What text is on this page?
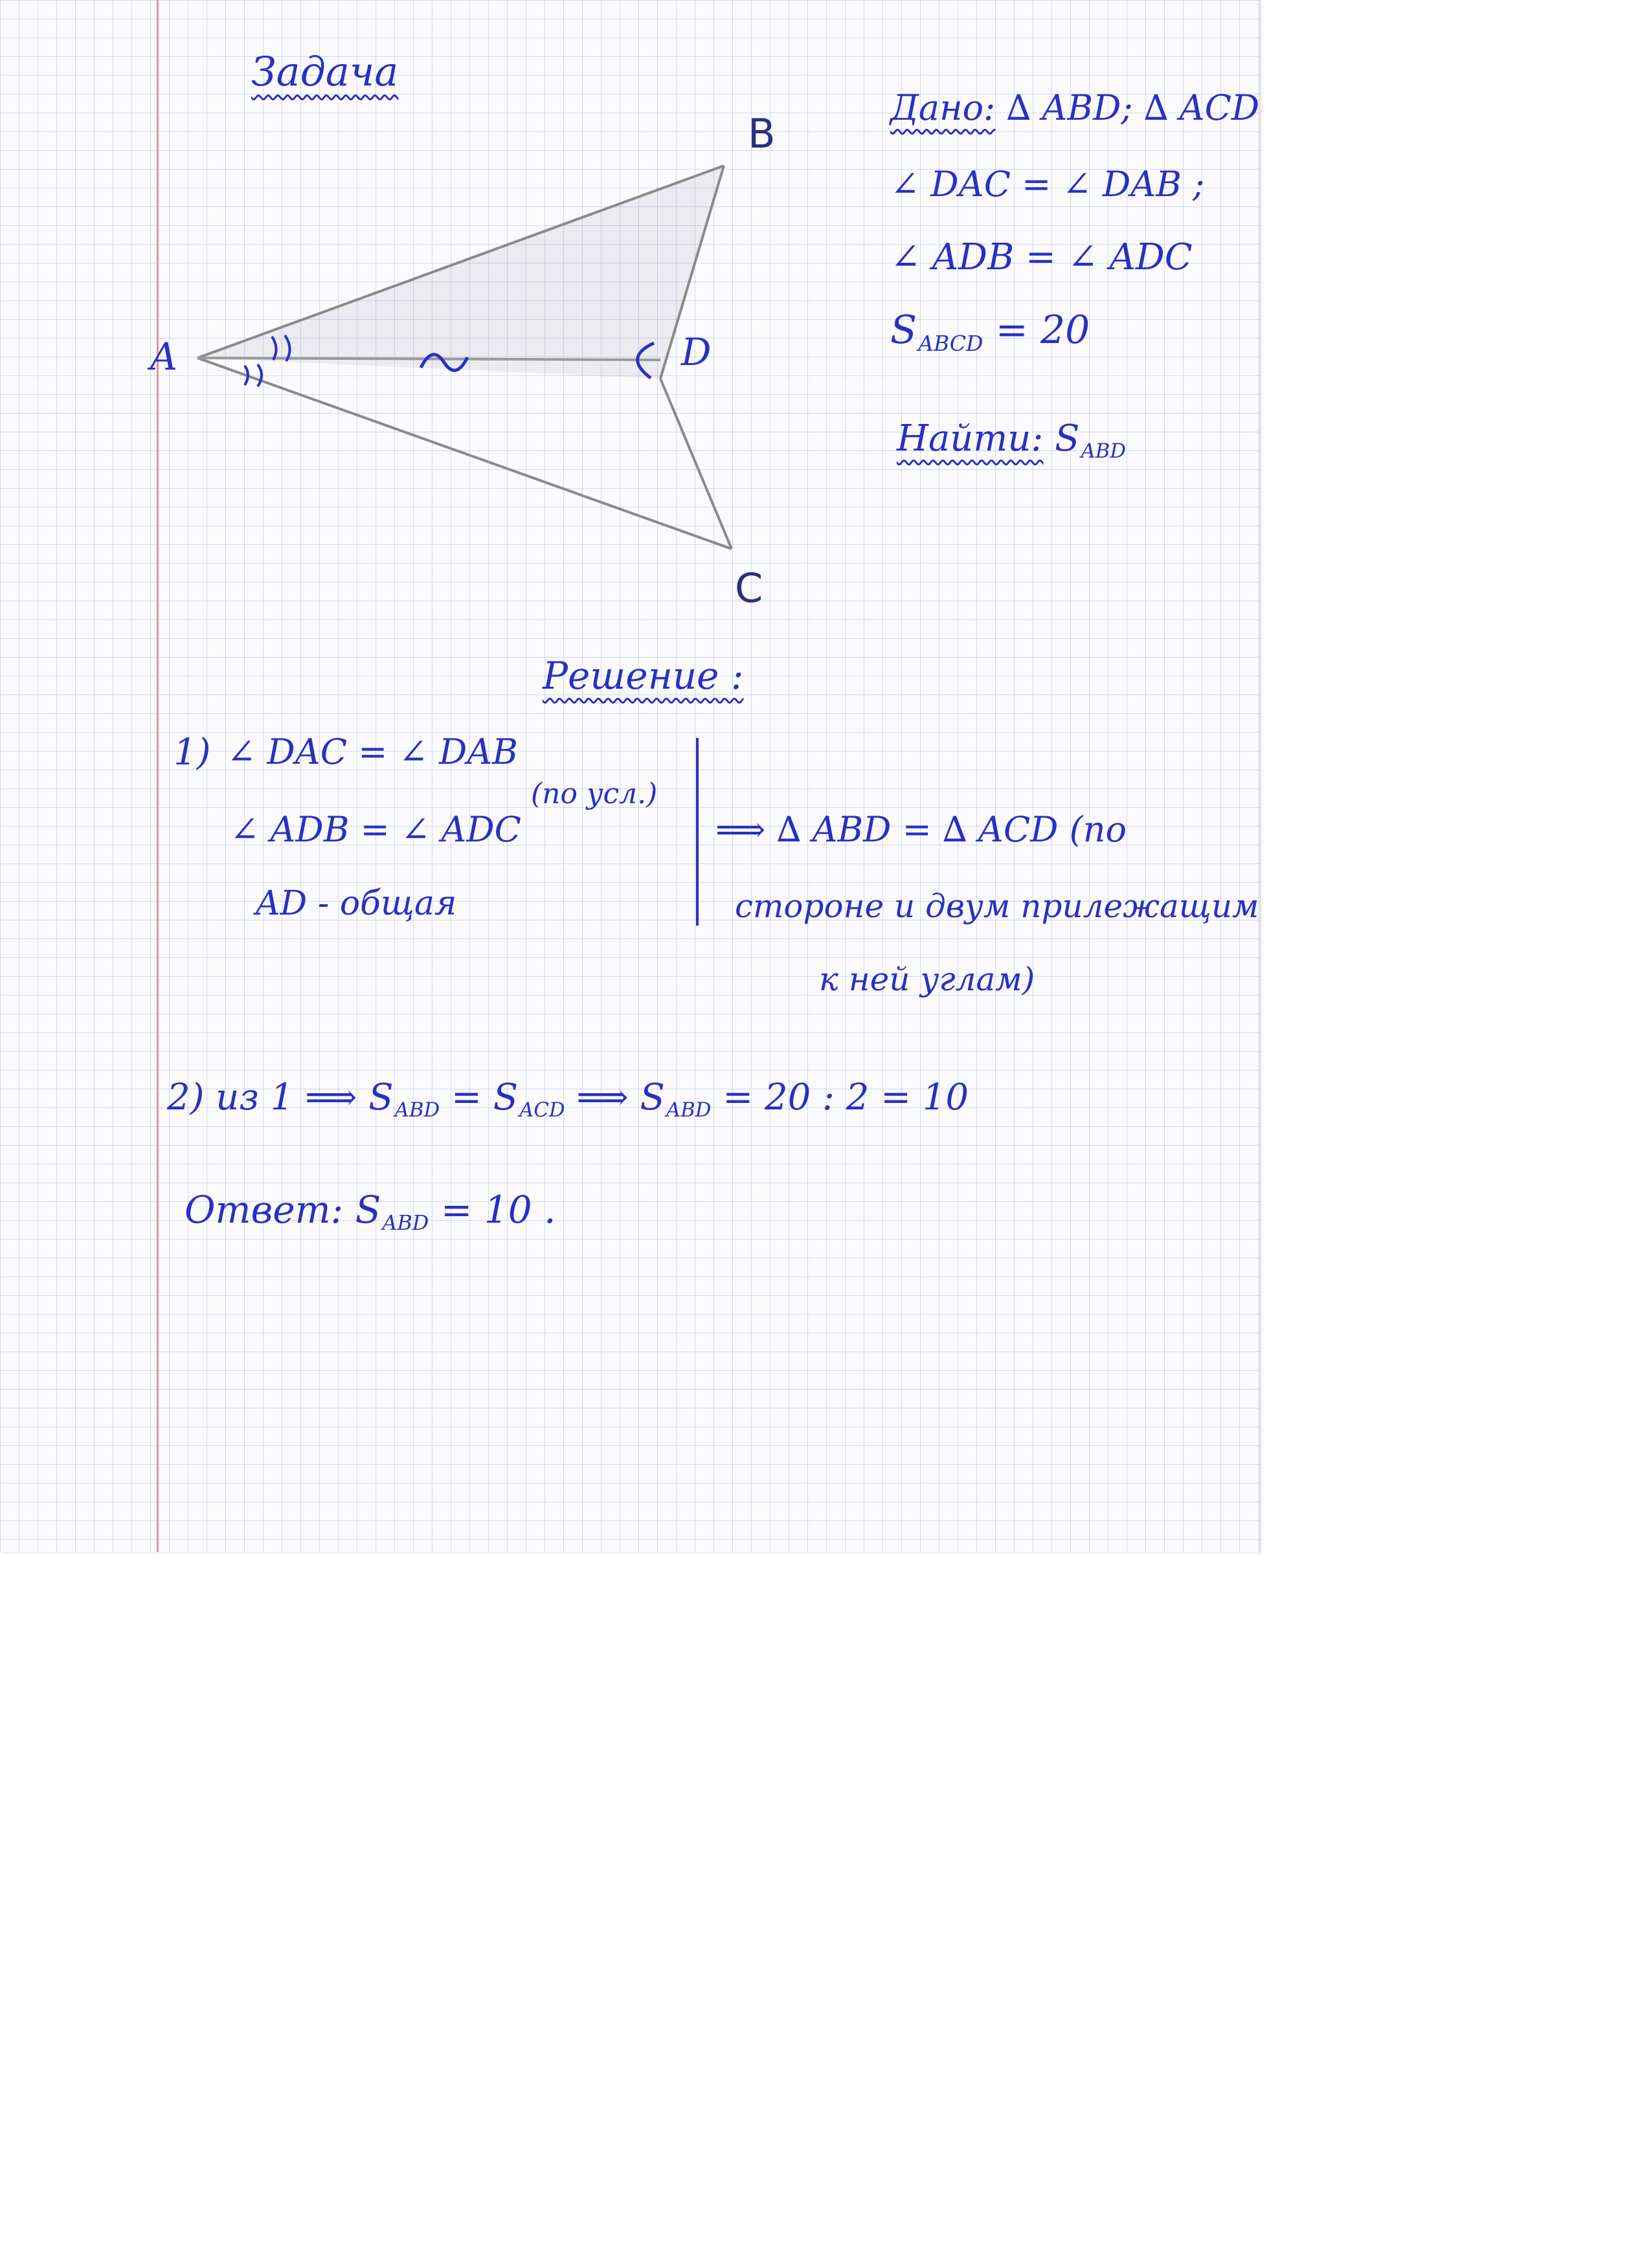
Задача
A
B
C
D
Дано: ∆ ABD; ∆ ACD
∠ DAC = ∠ DAB ;
∠ ADB = ∠ ADC
$S_{ABCD} = 20$
Найти: $S_{ABD}$
Решение :
1) ∠ DAC = ∠ DAB
∠ ADB = ∠ ADC
AD - общая
(по усл.)
⟹ ∆ ABD = ∆ ACD (по
стороне и двум прилежащим
к ней углам)
2) из 1 ⟹ $S_{ABD} = S_{ACD}$ ⟹ $S_{ABD} = 20$ : 2 = 10
Ответ: $S_{ABD} = 10$ .
